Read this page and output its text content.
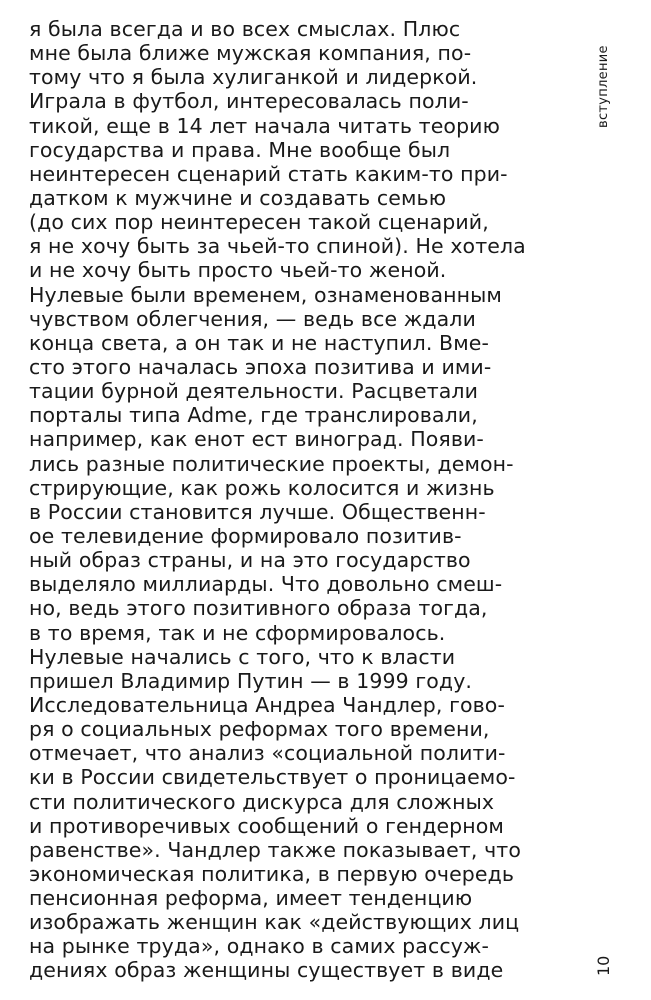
я была всегда и во всех смыслах. Плюс
мне была ближе мужская компания, по-
тому что я была хулиганкой и лидеркой.
Играла в футбол, интересовалась поли-
тикой, еще в 14 лет начала читать теорию
государства и права. Мне вообще был
неинтересен сценарий стать каким-то при-
датком к мужчине и создавать семью
(до сих пор неинтересен такой сценарий,
я не хочу быть за чьей-то спиной). Не хотела
и не хочу быть просто чьей-то женой.
Нулевые были временем, ознаменованным
чувством облегчения, — ведь все ждали
конца света, а он так и не наступил. Вме-
сто этого началась эпоха позитива и ими-
тации бурной деятельности. Расцветали
порталы типа Adme, где транслировали,
например, как енот ест виноград. Появи-
лись разные политические проекты, демон-
стрирующие, как рожь колосится и жизнь
в России становится лучше. Общественн-
ое телевидение формировало позитив-
ный образ страны, и на это государство
выделяло миллиарды. Что довольно смеш-
но, ведь этого позитивного образа тогда,
в то время, так и не сформировалось.
Нулевые начались с того, что к власти
пришел Владимир Путин — в 1999 году.
Исследовательница Андреа Чандлер, гово-
ря о социальных реформах того времени,
отмечает, что анализ «социальной полити-
ки в России свидетельствует о проницаемо-
сти политического дискурса для сложных
и противоречивых сообщений о гендерном
равенстве». Чандлер также показывает, что
экономическая политика, в первую очередь
пенсионная реформа, имеет тенденцию
изображать женщин как «действующих лиц
на рынке труда», однако в самих рассуж-
дениях образ женщины существует в виде
вступление
10
